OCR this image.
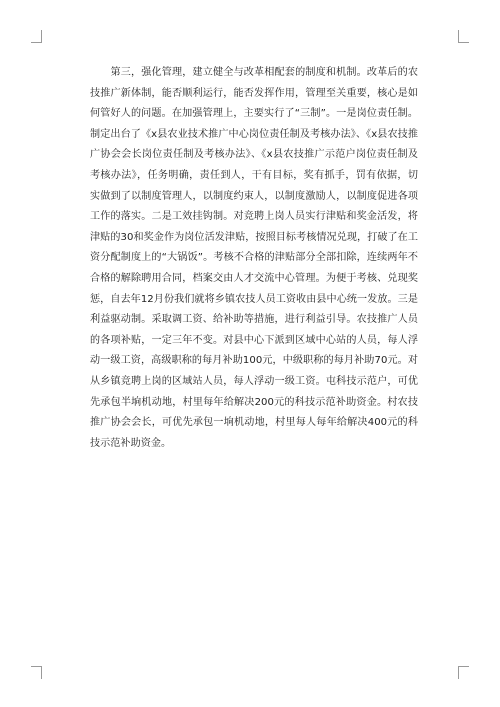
第三，强化管理，建立健全与改革相配套的制度和机制。改革后的农技推广新体制，能否顺利运行，能否发挥作用，管理至关重要，核心是如何管好人的问题。在加强管理上，主要实行了“三制”。一是岗位责任制。制定出台了《x县农业技术推广中心岗位责任制及考核办法》、《x县农技推广协会会长岗位责任制及考核办法》、《x县农技推广示范户岗位责任制及考核办法》，任务明确，责任到人，干有目标，奖有抓手，罚有依据，切实做到了以制度管理人，以制度约束人，以制度激励人，以制度促进各项工作的落实。二是工效挂钩制。对竞聘上岗人员实行津贴和奖金活发，将津贴的30和奖金作为岗位活发津贴，按照目标考核情况兑现，打破了在工资分配制度上的“大锅饭”。考核不合格的津贴部分全部扣除，连续两年不合格的解除聘用合同，档案交由人才交流中心管理。为便于考核、兑现奖惩，自去年12月份我们就将乡镇农技人员工资收由县中心统一发放。三是利益驱动制。采取调工资、给补助等措施，进行利益引导。农技推广人员的各项补贴，一定三年不变。对县中心下派到区域中心站的人员，每人浮动一级工资，高级职称的每月补助100元，中级职称的每月补助70元。对从乡镇竞聘上岗的区域站人员，每人浮动一级工资。屯科技示范户，可优先承包半垧机动地，村里每年给解决200元的科技示范补助资金。村农技推广协会会长，可优先承包一垧机动地，村里每人每年给解决400元的科技示范补助资金。
